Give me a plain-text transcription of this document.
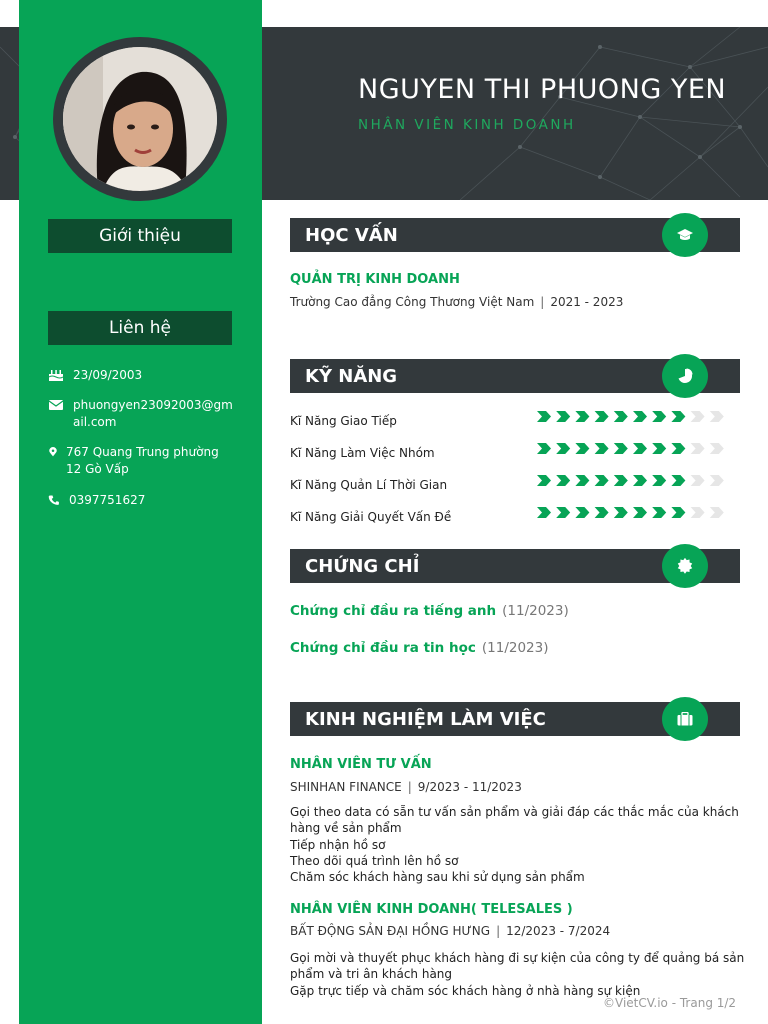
NGUYEN THI PHUONG YEN
NHÂN VIÊN KINH DOANH
Giới thiệu
Liên hệ
23/09/2003
phuongyen23092003@gmail.com
767 Quang Trung phường 12 Gò Vấp
0397751627
HỌC VẤN
QUẢN TRỊ KINH DOANH
Trường Cao đẳng Công Thương Việt Nam | 2021 - 2023
KỸ NĂNG
Kĩ Năng Giao Tiếp
Kĩ Năng Làm Việc Nhóm
Kĩ Năng Quản Lí Thời Gian
Kĩ Năng Giải Quyết Vấn Đề
CHỨNG CHỈ
Chứng chỉ đầu ra tiếng anh (11/2023)
Chứng chỉ đầu ra tin học (11/2023)
KINH NGHIỆM LÀM VIỆC
NHÂN VIÊN TƯ VẤN
SHINHAN FINANCE | 9/2023 - 11/2023
Gọi theo data có sẵn tư vấn sản phẩm và giải đáp các thắc mắc của khách hàng về sản phẩm
Tiếp nhận hồ sơ
Theo dõi quá trình lên hồ sơ
Chăm sóc khách hàng sau khi sử dụng sản phẩm
NHÂN VIÊN KINH DOANH( TELESALES )
BẤT ĐỘNG SẢN ĐẠI HỒNG HƯNG | 12/2023 - 7/2024
Gọi mời và thuyết phục khách hàng đi sự kiện của công ty để quảng bá sản phẩm và tri ân khách hàng
Gặp trực tiếp và chăm sóc khách hàng ở nhà hàng sự kiện
©VietCV.io - Trang 1/2
